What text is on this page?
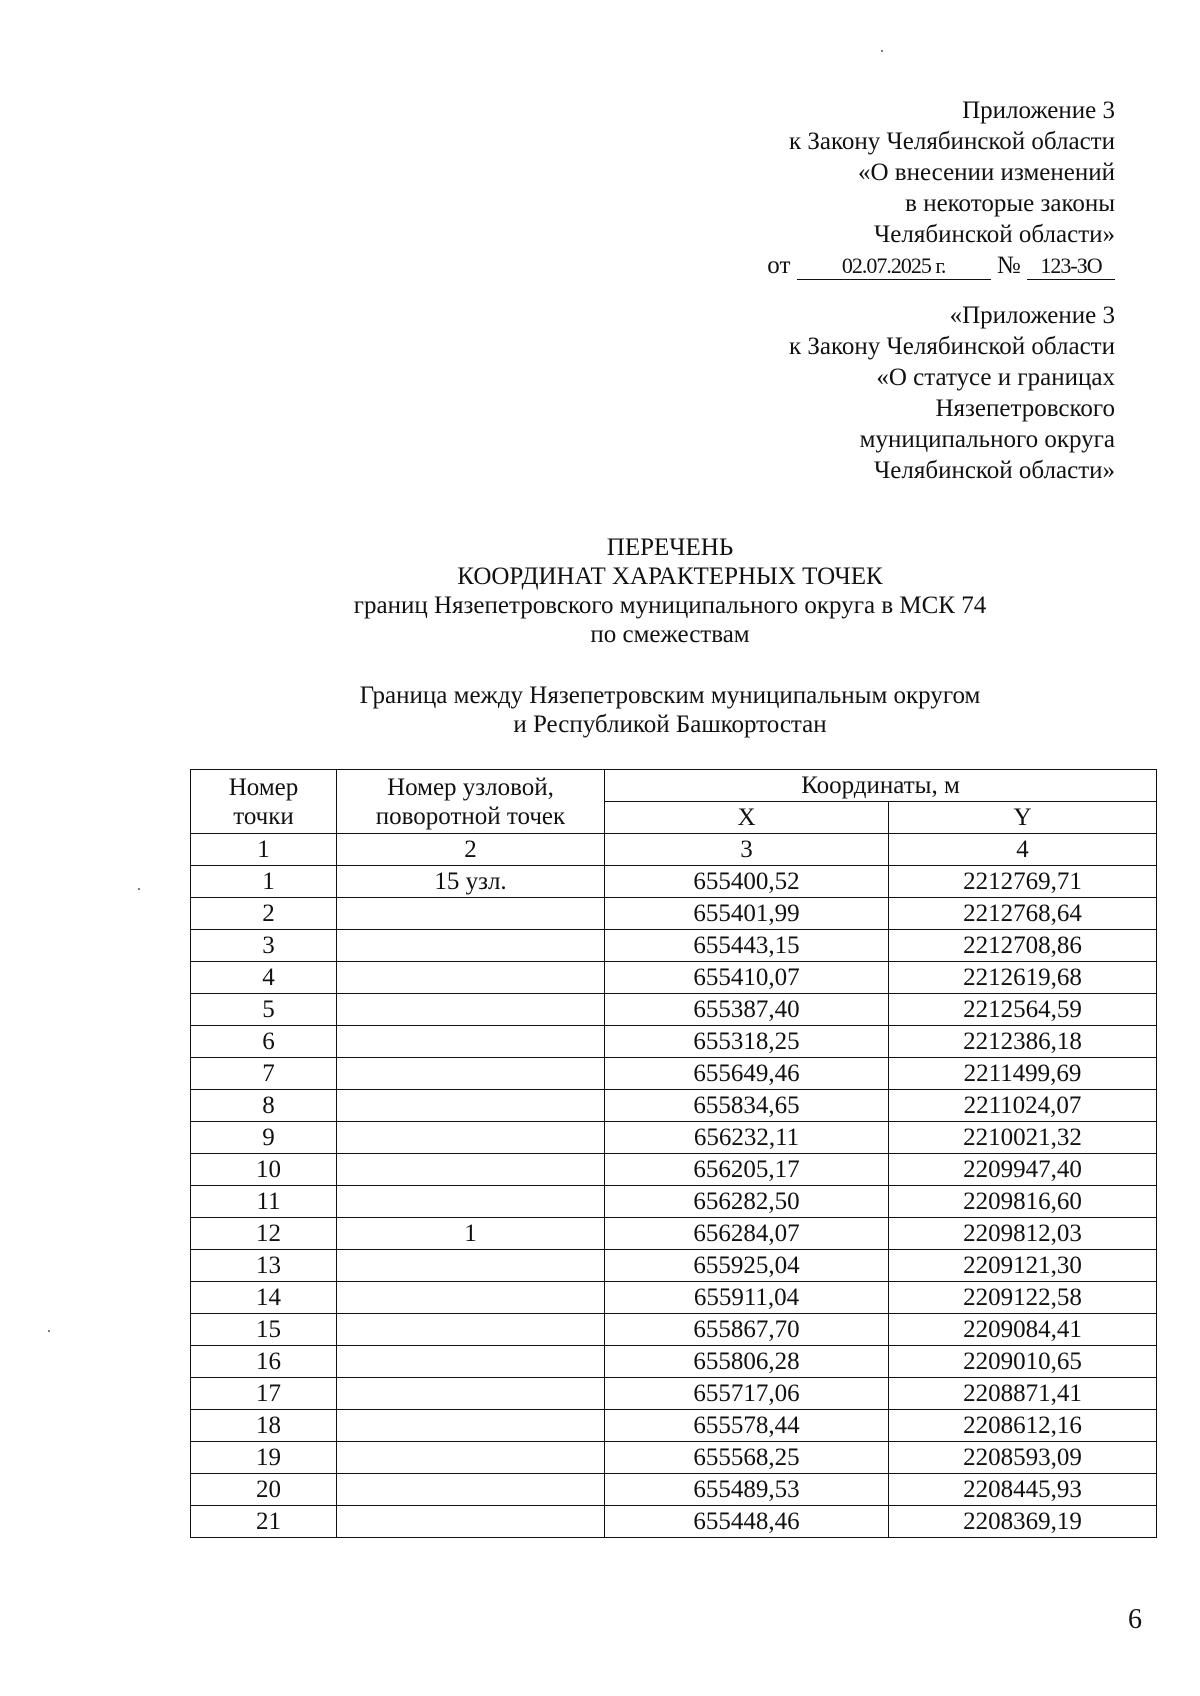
Приложение 3
к Закону Челябинской области
«О внесении изменений
в некоторые законы
Челябинской области»
от 02.07.2025 г. № 123-ЗО
«Приложение 3
к Закону Челябинской области
«О статусе и границах
Нязепетровского
муниципального округа
Челябинской области»
ПЕРЕЧЕНЬ
КООРДИНАТ ХАРАКТЕРНЫХ ТОЧЕК
границ Нязепетровского муниципального округа в МСК 74
по смежествам
Граница между Нязепетровским муниципальным округом
и Республикой Башкортостан
Номер
точки	Номер узловой,
поворотной точек	Координаты, м	
		X	Y
1	2	3	4
1	15 узл.	655400,52	2212769,71
2		655401,99	2212768,64
3		655443,15	2212708,86
4		655410,07	2212619,68
5		655387,40	2212564,59
6		655318,25	2212386,18
7		655649,46	2211499,69
8		655834,65	2211024,07
9		656232,11	2210021,32
10		656205,17	2209947,40
11		656282,50	2209816,60
12	1	656284,07	2209812,03
13		655925,04	2209121,30
14		655911,04	2209122,58
15		655867,70	2209084,41
16		655806,28	2209010,65
17		655717,06	2208871,41
18		655578,44	2208612,16
19		655568,25	2208593,09
20		655489,53	2208445,93
21		655448,46	2208369,19
6
